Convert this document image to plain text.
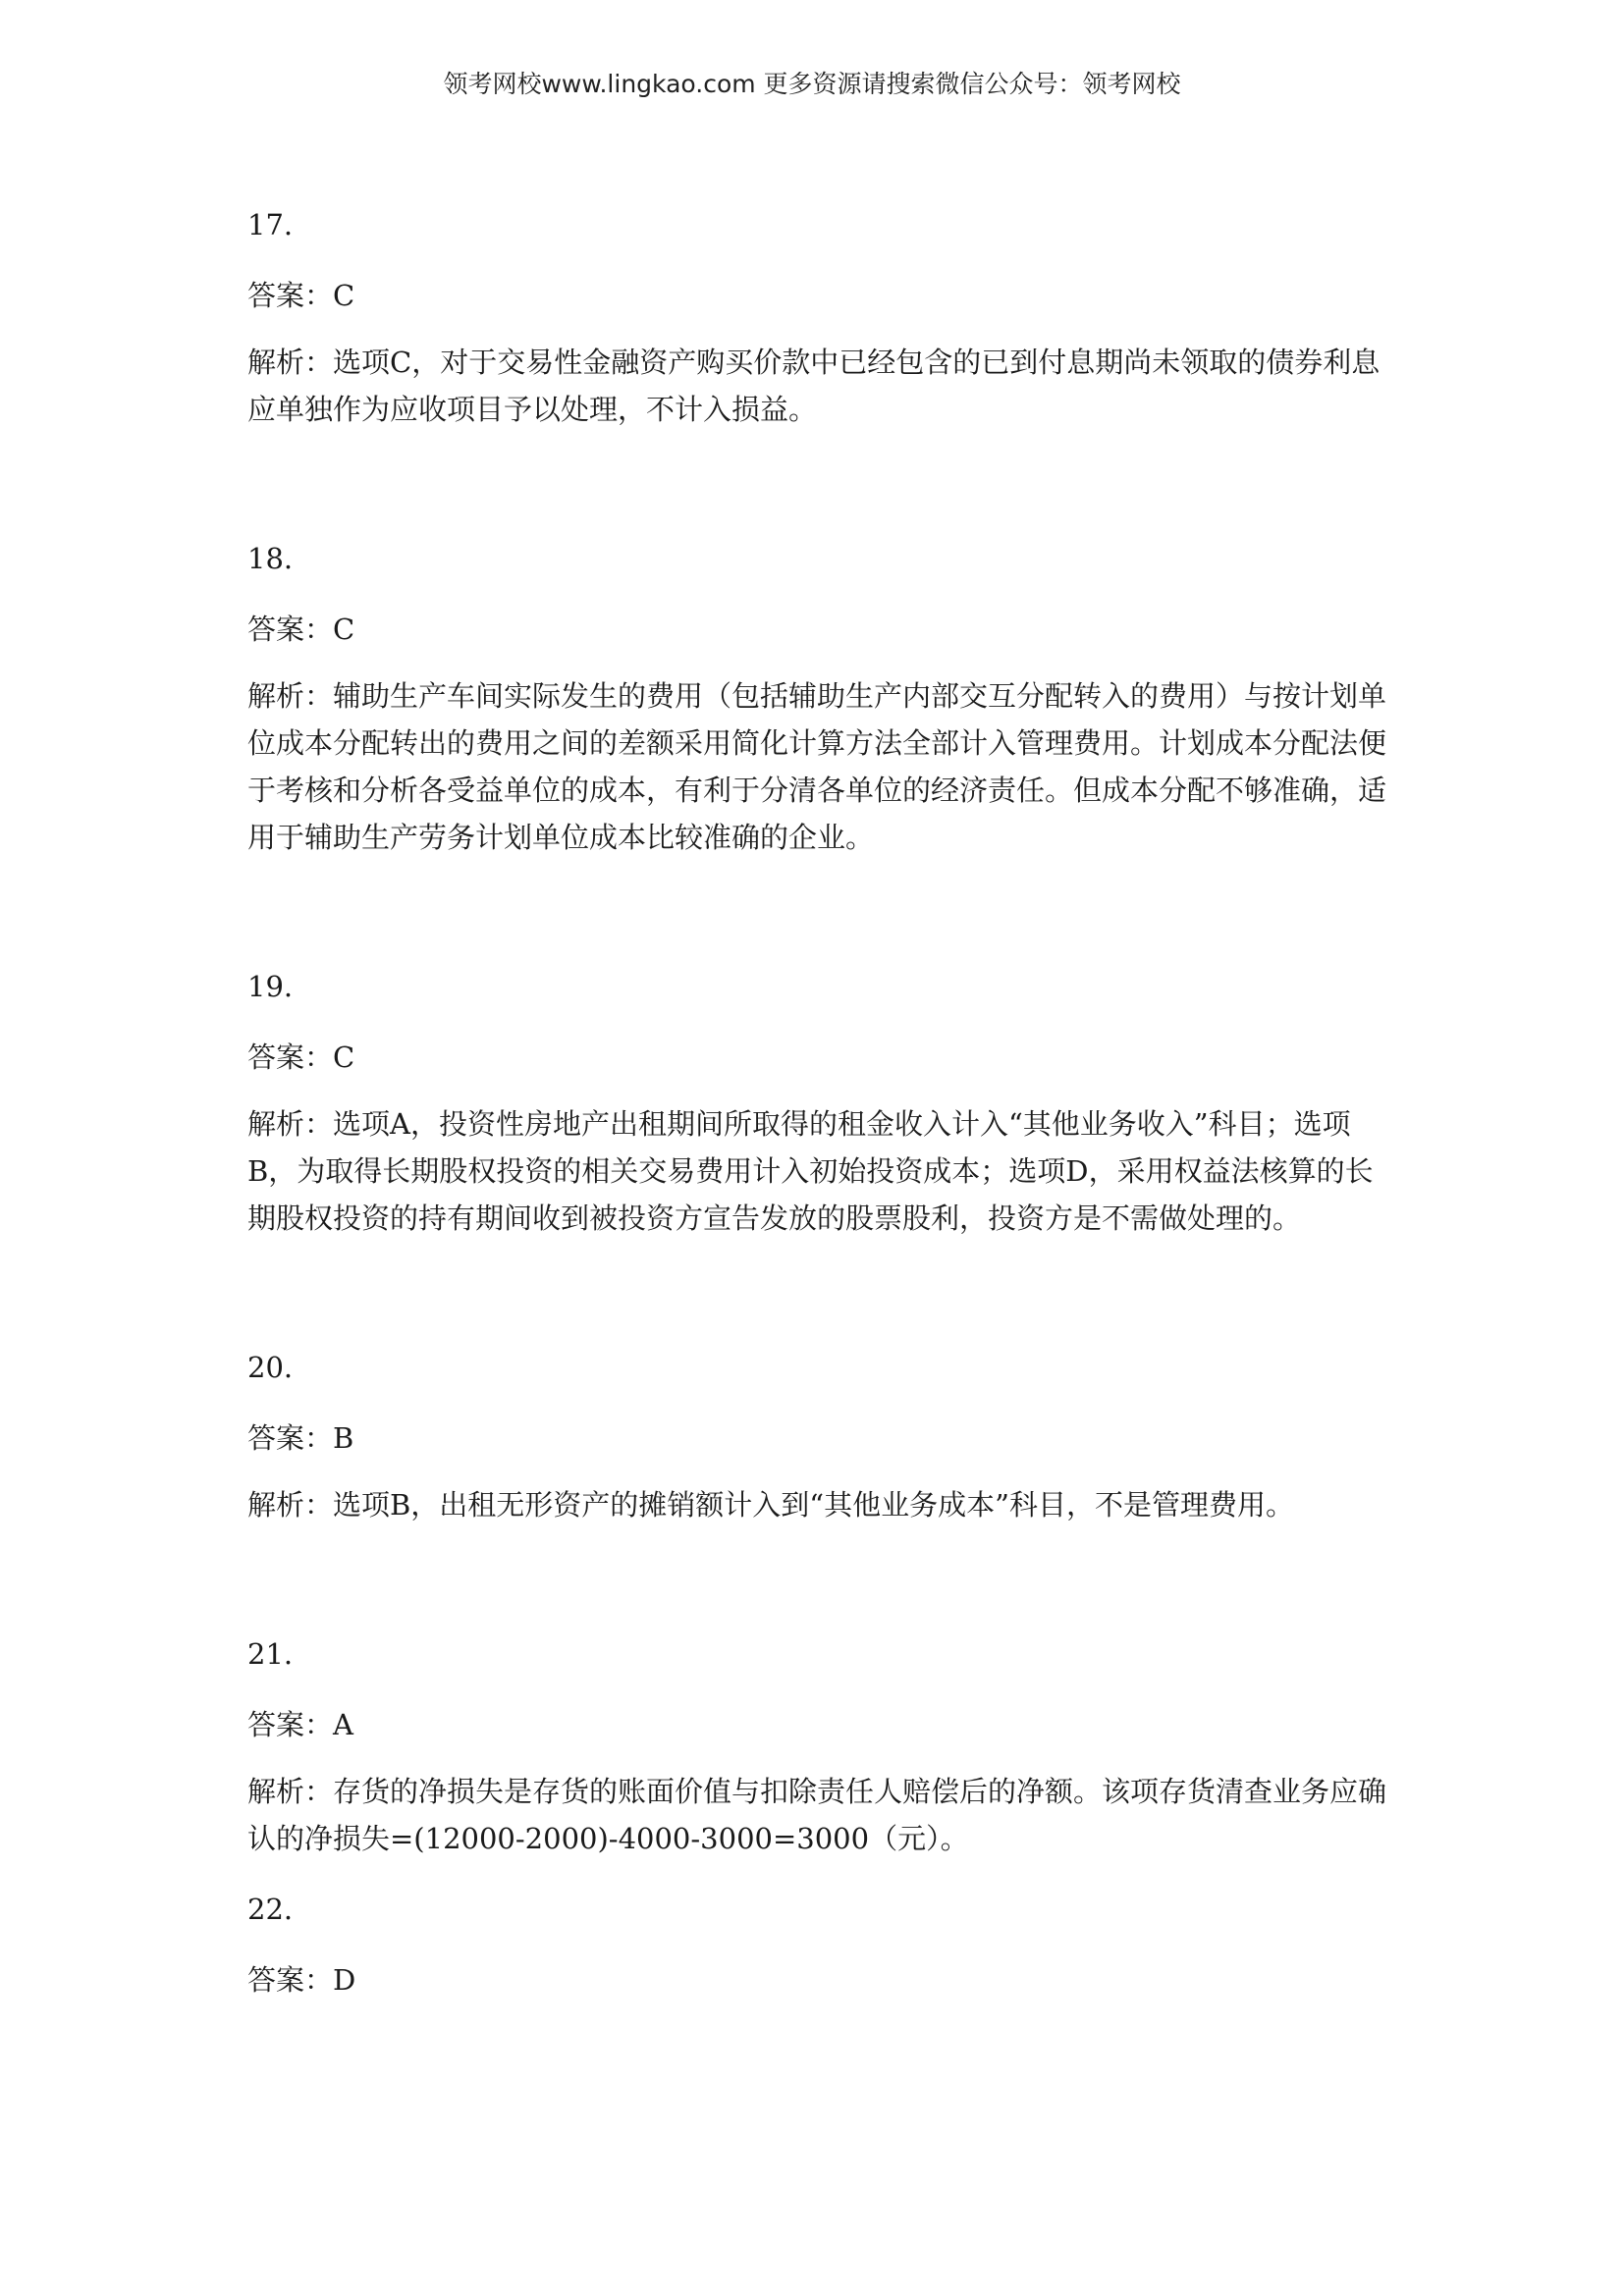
领考网校www.lingkao.com 更多资源请搜索微信公众号：领考网校

17.

答案：C

解析：选项C，对于交易性金融资产购买价款中已经包含的已到付息期尚未领取的债券利息应单独作为应收项目予以处理，不计入损益。

18.

答案：C

解析：辅助生产车间实际发生的费用（包括辅助生产内部交互分配转入的费用）与按计划单位成本分配转出的费用之间的差额采用简化计算方法全部计入管理费用。计划成本分配法便于考核和分析各受益单位的成本，有利于分清各单位的经济责任。但成本分配不够准确，适用于辅助生产劳务计划单位成本比较准确的企业。

19.

答案：C

解析：选项A，投资性房地产出租期间所取得的租金收入计入“其他业务收入”科目；选项B，为取得长期股权投资的相关交易费用计入初始投资成本；选项D，采用权益法核算的长期股权投资的持有期间收到被投资方宣告发放的股票股利，投资方是不需做处理的。

20.

答案：B

解析：选项B，出租无形资产的摊销额计入到“其他业务成本”科目，不是管理费用。

21.

答案：A

解析：存货的净损失是存货的账面价值与扣除责任人赔偿后的净额。该项存货清查业务应确认的净损失=(12000-2000)-4000-3000=3000（元）。

22.

答案：D
